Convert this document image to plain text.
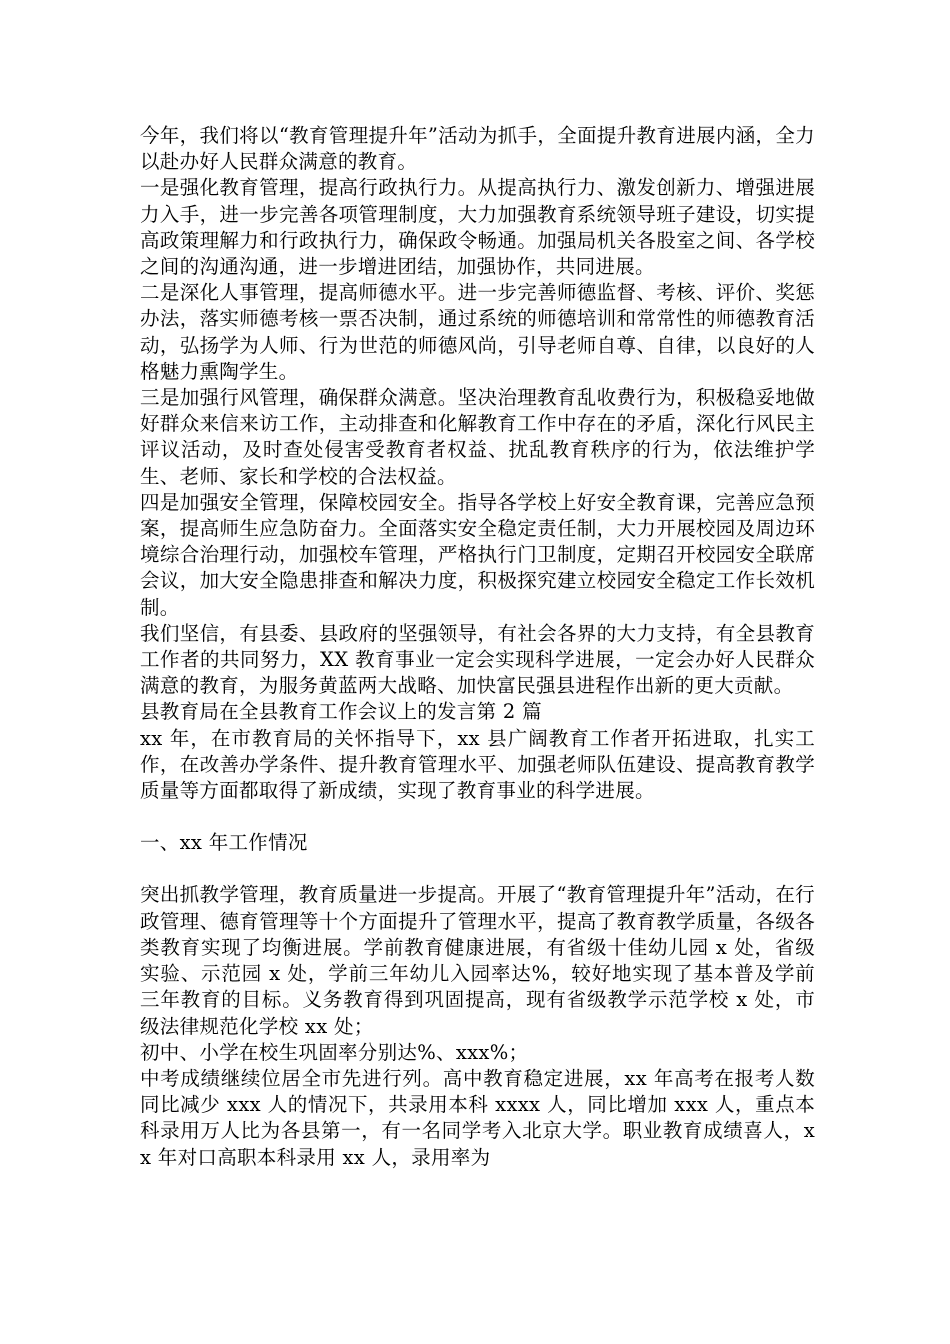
今年，我们将以“教育管理提升年”活动为抓手，全面提升教育进展内涵，全力以赴办好人民群众满意的教育。

一是强化教育管理，提高行政执行力。从提高执行力、激发创新力、增强进展力入手，进一步完善各项管理制度，大力加强教育系统领导班子建设，切实提高政策理解力和行政执行力，确保政令畅通。加强局机关各股室之间、各学校之间的沟通沟通，进一步增进团结，加强协作，共同进展。

二是深化人事管理，提高师德水平。进一步完善师德监督、考核、评价、奖惩办法，落实师德考核一票否决制，通过系统的师德培训和常常性的师德教育活动，弘扬学为人师、行为世范的师德风尚，引导老师自尊、自律，以良好的人格魅力熏陶学生。

三是加强行风管理，确保群众满意。坚决治理教育乱收费行为，积极稳妥地做好群众来信来访工作，主动排查和化解教育工作中存在的矛盾，深化行风民主评议活动，及时查处侵害受教育者权益、扰乱教育秩序的行为，依法维护学生、老师、家长和学校的合法权益。

四是加强安全管理，保障校园安全。指导各学校上好安全教育课，完善应急预案，提高师生应急防奋力。全面落实安全稳定责任制，大力开展校园及周边环境综合治理行动，加强校车管理，严格执行门卫制度，定期召开校园安全联席会议，加大安全隐患排查和解决力度，积极探究建立校园安全稳定工作长效机制。

我们坚信，有县委、县政府的坚强领导，有社会各界的大力支持，有全县教育工作者的共同努力，XX 教育事业一定会实现科学进展，一定会办好人民群众满意的教育，为服务黄蓝两大战略、加快富民强县进程作出新的更大贡献。

县教育局在全县教育工作会议上的发言第 2 篇

xx 年，在市教育局的关怀指导下，xx 县广阔教育工作者开拓进取，扎实工作，在改善办学条件、提升教育管理水平、加强老师队伍建设、提高教育教学质量等方面都取得了新成绩，实现了教育事业的科学进展。

一、xx 年工作情况

突出抓教学管理，教育质量进一步提高。开展了“教育管理提升年”活动，在行政管理、德育管理等十个方面提升了管理水平，提高了教育教学质量，各级各类教育实现了均衡进展。学前教育健康进展，有省级十佳幼儿园 x 处，省级实验、示范园 x 处，学前三年幼儿入园率达%，较好地实现了基本普及学前三年教育的目标。义务教育得到巩固提高，现有省级教学示范学校 x 处，市级法律规范化学校 xx 处；

初中、小学在校生巩固率分别达%、xxx%；

中考成绩继续位居全市先进行列。高中教育稳定进展，xx 年高考在报考人数同比减少 xxx 人的情况下，共录用本科 xxxx 人，同比增加 xxx 人，重点本科录用万人比为各县第一，有一名同学考入北京大学。职业教育成绩喜人，xx 年对口高职本科录用 xx 人，录用率为
